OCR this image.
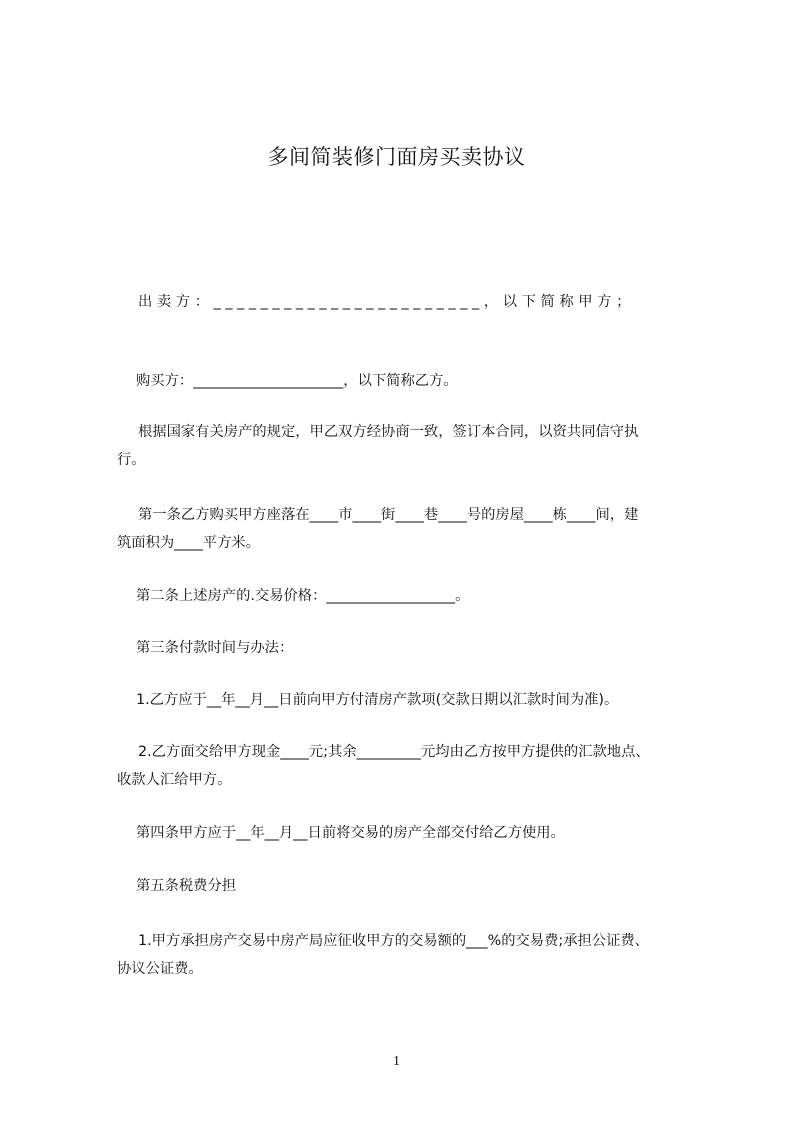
多间简装修门面房买卖协议
出卖方：_______________________，以下简称甲方；
购买方：_____________________，以下简称乙方。
根据国家有关房产的规定，甲乙双方经协商一致，签订本合同，以资共同信守执
行。
第一条乙方购买甲方座落在____市____街____巷____号的房屋____栋____间，建
筑面积为____平方米。
第二条上述房产的.交易价格：__________________。
第三条付款时间与办法：
1.乙方应于__年__月__日前向甲方付清房产款项(交款日期以汇款时间为准)。
2.乙方面交给甲方现金____元;其余_________元均由乙方按甲方提供的汇款地点、
收款人汇给甲方。
第四条甲方应于__年__月__日前将交易的房产全部交付给乙方使用。
第五条税费分担
1.甲方承担房产交易中房产局应征收甲方的交易额的___%的交易费;承担公证费、
协议公证费。
1
